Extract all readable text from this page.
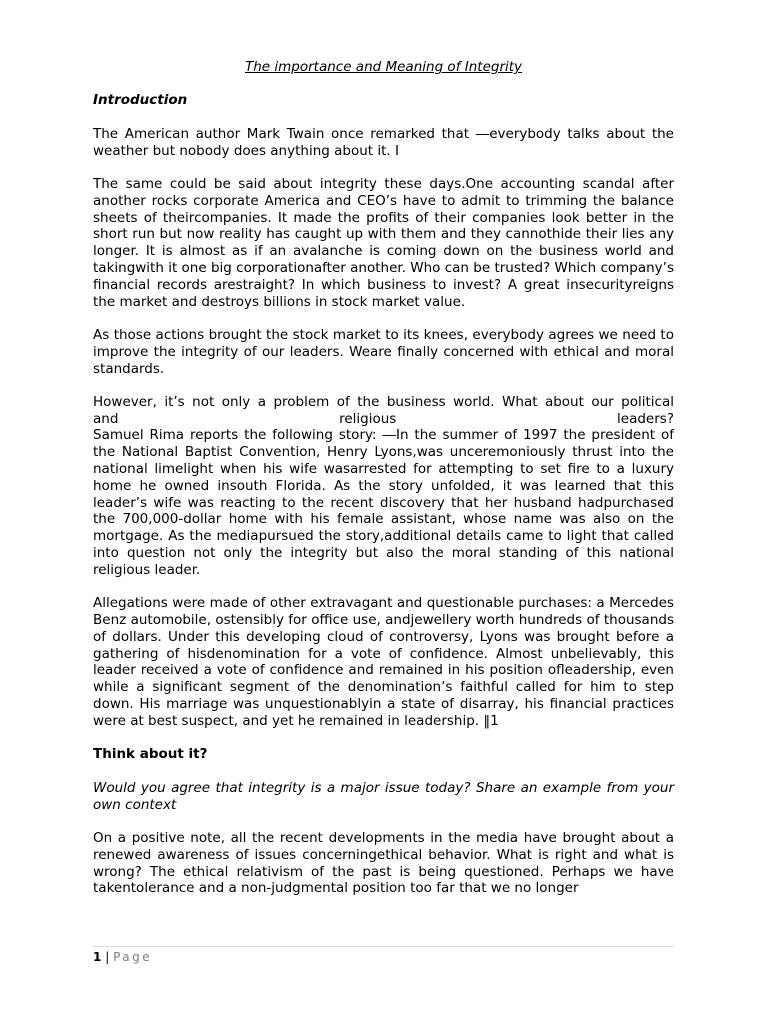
The importance and Meaning of Integrity
Introduction

The American author Mark Twain once remarked that ―everybody talks about the weather but nobody does anything about it. I

The same could be said about integrity these days.One accounting scandal after another rocks corporate America and CEO’s have to admit to trimming the balance sheets of theircompanies. It made the profits of their companies look better in the short run but now reality has caught up with them and they cannothide their lies any longer. It is almost as if an avalanche is coming down on the business world and takingwith it one big corporationafter another. Who can be trusted? Which company’s financial records arestraight? In which business to invest? A great insecurityreigns the market and destroys billions in stock market value.

As those actions brought the stock market to its knees, everybody agrees we need to improve the integrity of our leaders. Weare finally concerned with ethical and moral standards.

However, it’s not only a problem of the business world. What about our political
and religious leaders?
Samuel Rima reports the following story: ―In the summer of 1997 the president of the National Baptist Convention, Henry Lyons,was unceremoniously thrust into the national limelight when his wife wasarrested for attempting to set fire to a luxury home he owned insouth Florida. As the story unfolded, it was learned that this leader’s wife was reacting to the recent discovery that her husband hadpurchased the 700,000-dollar home with his female assistant, whose name was also on the mortgage. As the mediapursued the story,additional details came to light that called into question not only the integrity but also the moral standing of this national religious leader.

Allegations were made of other extravagant and questionable purchases: a Mercedes Benz automobile, ostensibly for office use, andjewellery worth hundreds of thousands of dollars. Under this developing cloud of controversy, Lyons was brought before a gathering of hisdenomination for a vote of confidence. Almost unbelievably, this leader received a vote of confidence and remained in his position ofleadership, even while a significant segment of the denomination’s faithful called for him to step down. His marriage was unquestionablyin a state of disarray, his financial practices were at best suspect, and yet he remained in leadership. ‖1

Think about it?

Would you agree that integrity is a major issue today? Share an example from your own context

On a positive note, all the recent developments in the media have brought about a renewed awareness of issues concerningethical behavior. What is right and what is wrong? The ethical relativism of the past is being questioned. Perhaps we have takentolerance and a non-judgmental position too far that we no longer

1 | Page
